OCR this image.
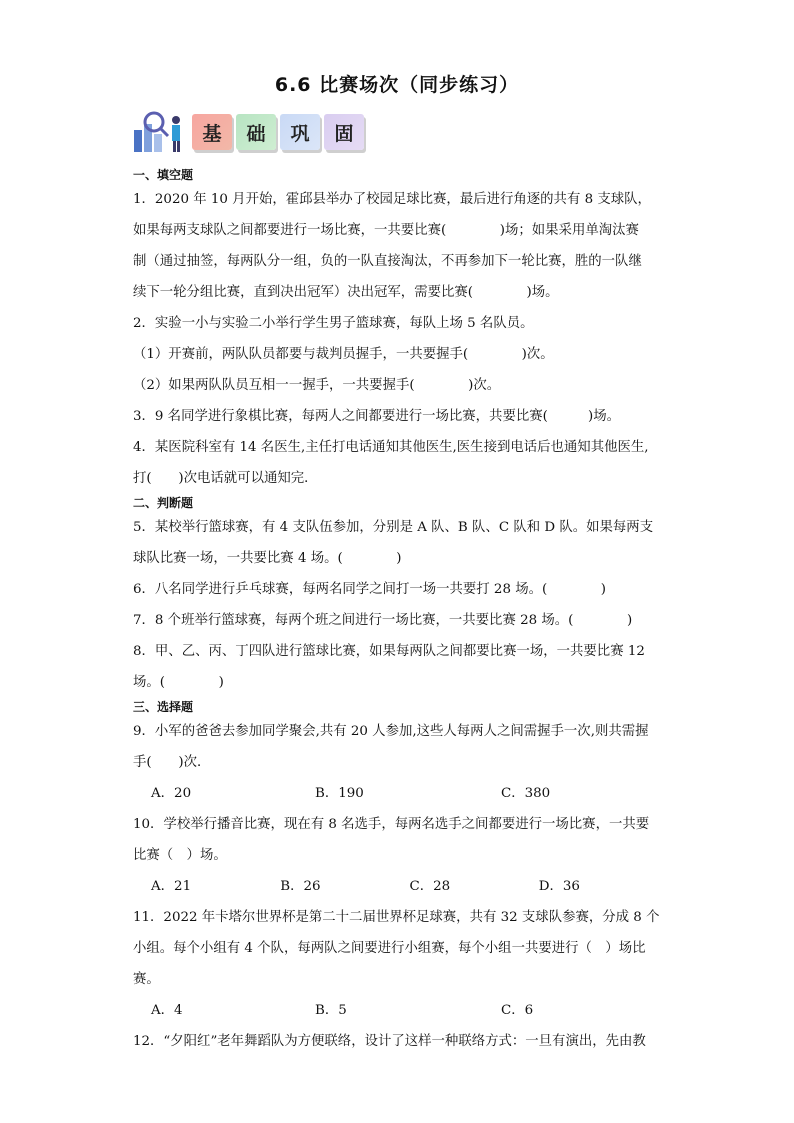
6.6 比赛场次（同步练习）
基	础	巩	固

一、填空题

1．2020 年 10 月开始，霍邱县举办了校园足球比赛，最后进行角逐的共有 8 支球队，

如果每两支球队之间都要进行一场比赛，一共要比赛(　　　　)场；如果采用单淘汰赛

制（通过抽签，每两队分一组，负的一队直接淘汰，不再参加下一轮比赛，胜的一队继

续下一轮分组比赛，直到决出冠军）决出冠军，需要比赛(　　　　)场。

2．实验一小与实验二小举行学生男子篮球赛，每队上场 5 名队员。

（1）开赛前，两队队员都要与裁判员握手，一共要握手(　　　　)次。

（2）如果两队队员互相一一握手，一共要握手(　　　　)次。

3．9 名同学进行象棋比赛，每两人之间都要进行一场比赛，共要比赛(　　　)场。

4．某医院科室有 14 名医生,主任打电话通知其他医生,医生接到电话后也通知其他医生,

打(　　)次电话就可以通知完．

二、判断题

5．某校举行篮球赛，有 4 支队伍参加，分别是 A 队、B 队、C 队和 D 队。如果每两支

球队比赛一场，一共要比赛 4 场。(　　　　)

6．八名同学进行乒乓球赛，每两名同学之间打一场一共要打 28 场。(　　　　)

7．8 个班举行篮球赛，每两个班之间进行一场比赛，一共要比赛 28 场。(　　　　)

8．甲、乙、丙、丁四队进行篮球比赛，如果每两队之间都要比赛一场，一共要比赛 12

场。(　　　　)

三、选择题

9．小军的爸爸去参加同学聚会,共有 20 人参加,这些人每两人之间需握手一次,则共需握

手(　　)次．

A．20	B．190	C．380

10．学校举行播音比赛，现在有 8 名选手，每两名选手之间都要进行一场比赛，一共要

比赛（　）场。

A．21	B．26	C．28	D．36

11．2022 年卡塔尔世界杯是第二十二届世界杯足球赛，共有 32 支球队参赛，分成 8 个

小组。每个小组有 4 个队，每两队之间要进行小组赛，每个小组一共要进行（　）场比

赛。

A．4	B．5	C．6

12．“夕阳红”老年舞蹈队为方便联络，设计了这样一种联络方式：一旦有演出，先由教
